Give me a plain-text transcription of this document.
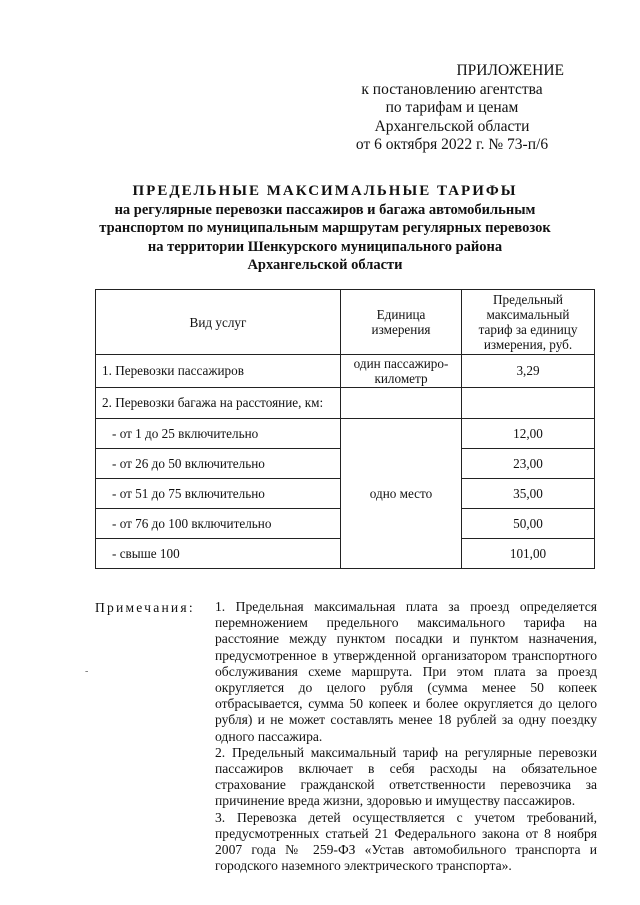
ПРИЛОЖЕНИЕ
к постановлению агентства
по тарифам и ценам
Архангельской области
от 6 октября 2022 г. № 73-п/6
ПРЕДЕЛЬНЫЕ МАКСИМАЛЬНЫЕ ТАРИФЫ
на регулярные перевозки пассажиров и багажа автомобильным
транспортом по муниципальным маршрутам регулярных перевозок
на территории Шенкурского муниципального района
Архангельской области
Вид услуг	Единица измерения	Предельный максимальный тариф за единицу измерения, руб.
1. Перевозки пассажиров	один пассажиро-километр	3,29
2. Перевозки багажа на расстояние, км:		
- от 1 до 25 включительно	одно место	12,00
- от 26 до 50 включительно		23,00
- от 51 до 75 включительно		35,00
- от 76 до 100 включительно		50,00
- свыше 100		101,00
Примечания: 1. Предельная максимальная плата за проезд определяется перемножением предельного максимального тарифа на расстояние между пунктом посадки и пунктом назначения, предусмотренное в утвержденной организатором транспортного обслуживания схеме маршрута. При этом плата за проезд округляется до целого рубля (сумма менее 50 копеек отбрасывается, сумма 50 копеек и более округляется до целого рубля) и не может составлять менее 18 рублей за одну поездку одного пассажира.

2. Предельный максимальный тариф на регулярные перевозки пассажиров включает в себя расходы на обязательное страхование гражданской ответственности перевозчика за причинение вреда жизни, здоровью и имуществу пассажиров.

3. Перевозка детей осуществляется с учетом требований, предусмотренных статьей 21 Федерального закона от 8 ноября 2007 года № 259-ФЗ «Устав автомобильного транспорта и городского наземного электрического транспорта».

-
